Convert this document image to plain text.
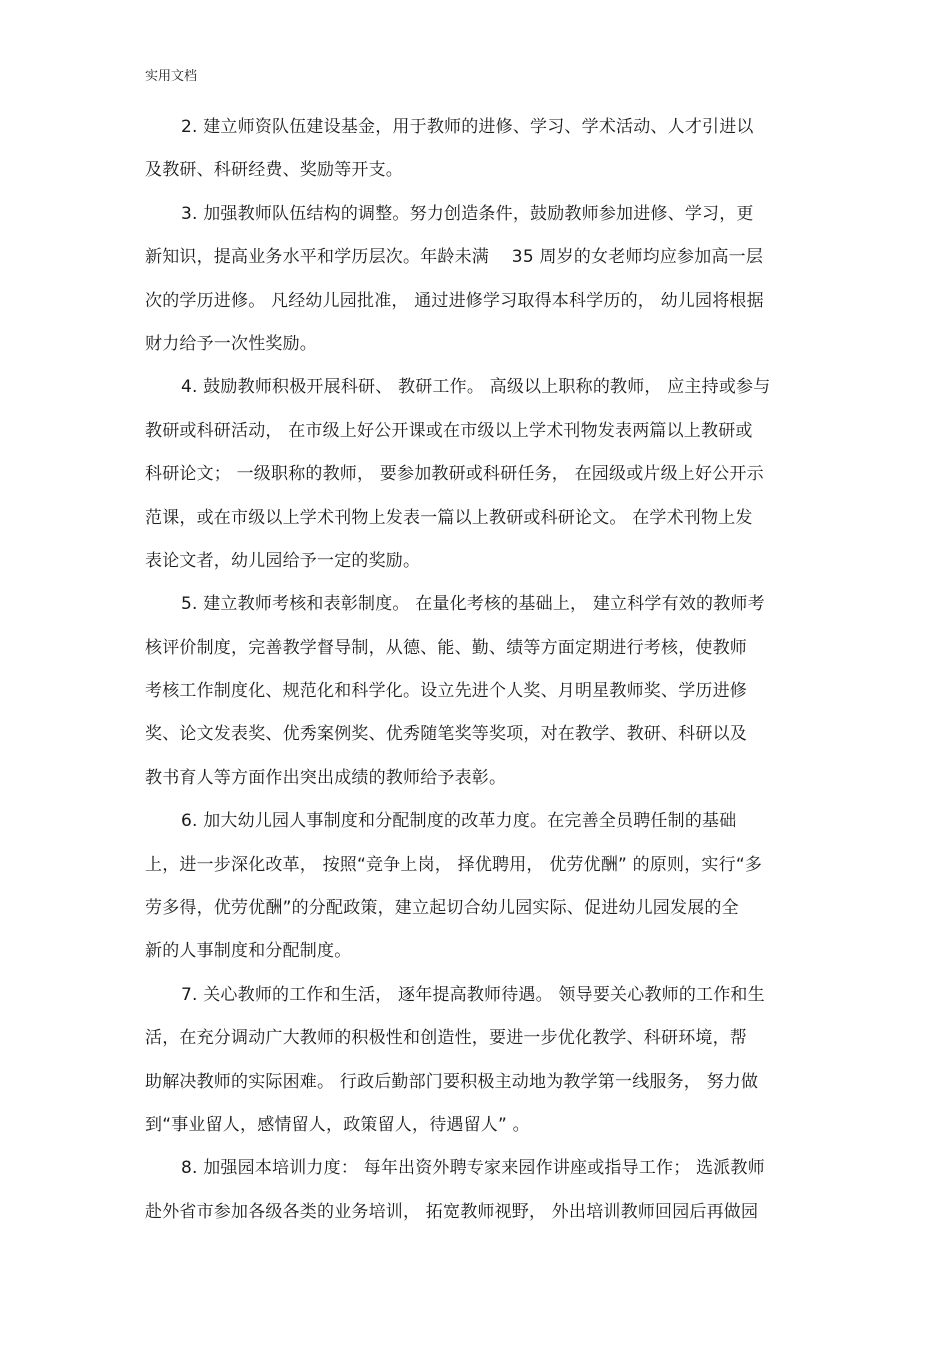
实用文档
2. 建立师资队伍建设基金，用于教师的进修、学习、学术活动、人才引进以
及教研、科研经费、奖励等开支。
3. 加强教师队伍结构的调整。努力创造条件，鼓励教师参加进修、学习，更
新知识，提高业务水平和学历层次。年龄未满　 35 周岁的女老师均应参加高一层
次的学历进修。 凡经幼儿园批准， 通过进修学习取得本科学历的， 幼儿园将根据
财力给予一次性奖励。
4. 鼓励教师积极开展科研、 教研工作。 高级以上职称的教师， 应主持或参与
教研或科研活动， 在市级上好公开课或在市级以上学术刊物发表两篇以上教研或
科研论文； 一级职称的教师， 要参加教研或科研任务， 在园级或片级上好公开示
范课，或在市级以上学术刊物上发表一篇以上教研或科研论文。 在学术刊物上发
表论文者，幼儿园给予一定的奖励。
5. 建立教师考核和表彰制度。 在量化考核的基础上， 建立科学有效的教师考
核评价制度，完善教学督导制，从德、能、勤、绩等方面定期进行考核，使教师
考核工作制度化、规范化和科学化。设立先进个人奖、月明星教师奖、学历进修
奖、论文发表奖、优秀案例奖、优秀随笔奖等奖项，对在教学、教研、科研以及
教书育人等方面作出突出成绩的教师给予表彰。
6. 加大幼儿园人事制度和分配制度的改革力度。在完善全员聘任制的基础
上，进一步深化改革， 按照“竞争上岗， 择优聘用， 优劳优酬” 的原则，实行“多
劳多得，优劳优酬”的分配政策，建立起切合幼儿园实际、促进幼儿园发展的全
新的人事制度和分配制度。
7. 关心教师的工作和生活， 逐年提高教师待遇。 领导要关心教师的工作和生
活，在充分调动广大教师的积极性和创造性，要进一步优化教学、科研环境，帮
助解决教师的实际困难。 行政后勤部门要积极主动地为教学第一线服务， 努力做
到“事业留人，感情留人，政策留人，待遇留人” 。
8. 加强园本培训力度： 每年出资外聘专家来园作讲座或指导工作； 选派教师
赴外省市参加各级各类的业务培训， 拓宽教师视野， 外出培训教师回园后再做园
